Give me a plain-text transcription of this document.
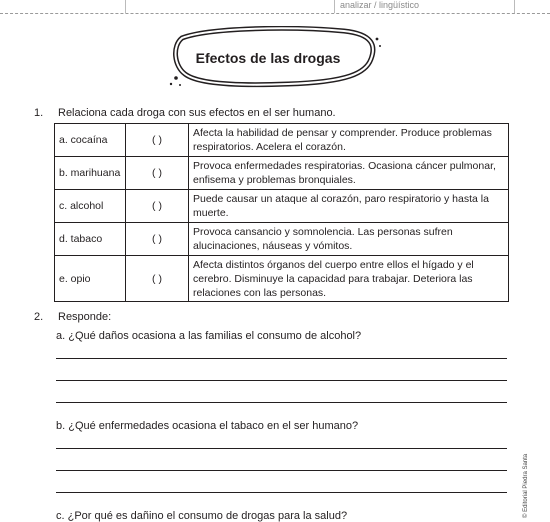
analizar / lingüístico
Efectos de las drogas
1. Relaciona cada droga con sus efectos en el ser humano.
a. cocaína	( )	Afecta la habilidad de pensar y comprender. Produce problemas respiratorios. Acelera el corazón.
b. marihuana	( )	Provoca enfermedades respiratorias. Ocasiona cáncer pulmonar, enfisema y problemas bronquiales.
c. alcohol	( )	Puede causar un ataque al corazón, paro respiratorio y hasta la muerte.
d. tabaco	( )	Provoca cansancio y somnolencia. Las personas sufren alucinaciones, náuseas y vómitos.
e. opio	( )	Afecta distintos órganos del cuerpo entre ellos el hígado y el cerebro. Disminuye la capacidad para trabajar. Deteriora las relaciones con las personas.
2. Responde:
a. ¿Qué daños ocasiona a las familias el consumo de alcohol?
b. ¿Qué enfermedades ocasiona el tabaco en el ser humano?
c. ¿Por qué es dañino el consumo de drogas para la salud?	© Editorial Piedra Santa
